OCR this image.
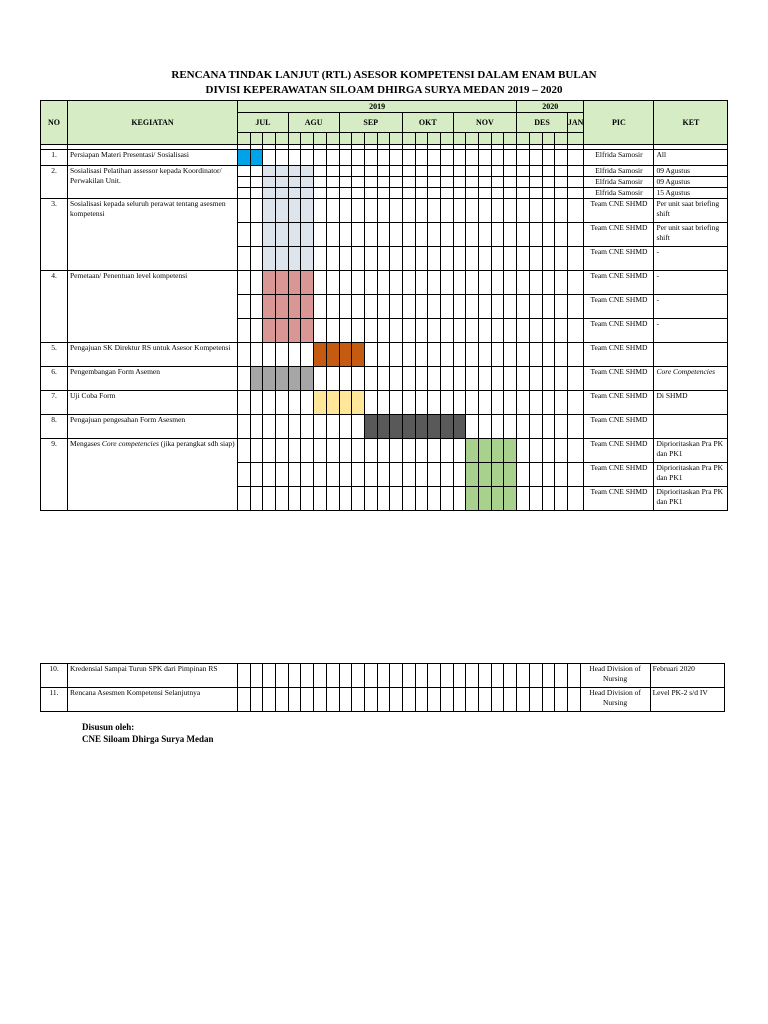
RENCANA TINDAK LANJUT (RTL) ASESOR KOMPETENSI DALAM ENAM BULAN
DIVISI KEPERAWATAN SILOAM DHIRGA SURYA MEDAN 2019 – 2020
NO	KEGIATAN	2019																						2020					PIC	KET
		JUL				AGU				SEP					OKT				NOV					DES				JAN		

1.	Persiapan Materi Presentasi/ Sosialisasi																												Elfrida Samosir	All
2.	Sosialisasi Pelatihan assessor kepada Koordinator/ Perwakilan Unit.																												Elfrida Samosir	09 Agustus
																													Elfrida Samosir	09 Agustus
																													Elfrida Samosir	15 Agustus
3.	Sosialisasi kepada seluruh perawat tentang asesmen kompetensi																												Team CNE SHMD	Per unit saat briefing shift
																													Team CNE SHMD	Per unit saat briefing shift
																													Team CNE SHMD	-
4.	Pemetaan/ Penentuan level kompetensi																												Team CNE SHMD	-
																													Team CNE SHMD	-
																													Team CNE SHMD	-
5.	Pengajuan SK Direktur RS untuk Asesor Kompetensi																												Team CNE SHMD	
6.	Pengembangan Form Asemen																												Team CNE SHMD	Core Competencies
7.	Uji Coba Form																												Team CNE SHMD	Di SHMD
8.	Pengajuan pengesahan Form Asesmen																												Team CNE SHMD	
9.	Mengases Core competencies (jika perangkat sdh siap)																												Team CNE SHMD	Diprioritaskan Pra PK dan PK1
																													Team CNE SHMD	Diprioritaskan Pra PK dan PK1
																													Team CNE SHMD	Diprioritaskan Pra PK dan PK1
10.	Kredensial Sampai Turun SPK dari Pimpinan RS																												Head Division of Nursing	Februari 2020
11.	Rencana Asesmen Kompetensi Selanjutnya																												Head Division of Nursing	Level PK-2 s/d IV
Disusun oleh:
CNE Siloam Dhirga Surya Medan
